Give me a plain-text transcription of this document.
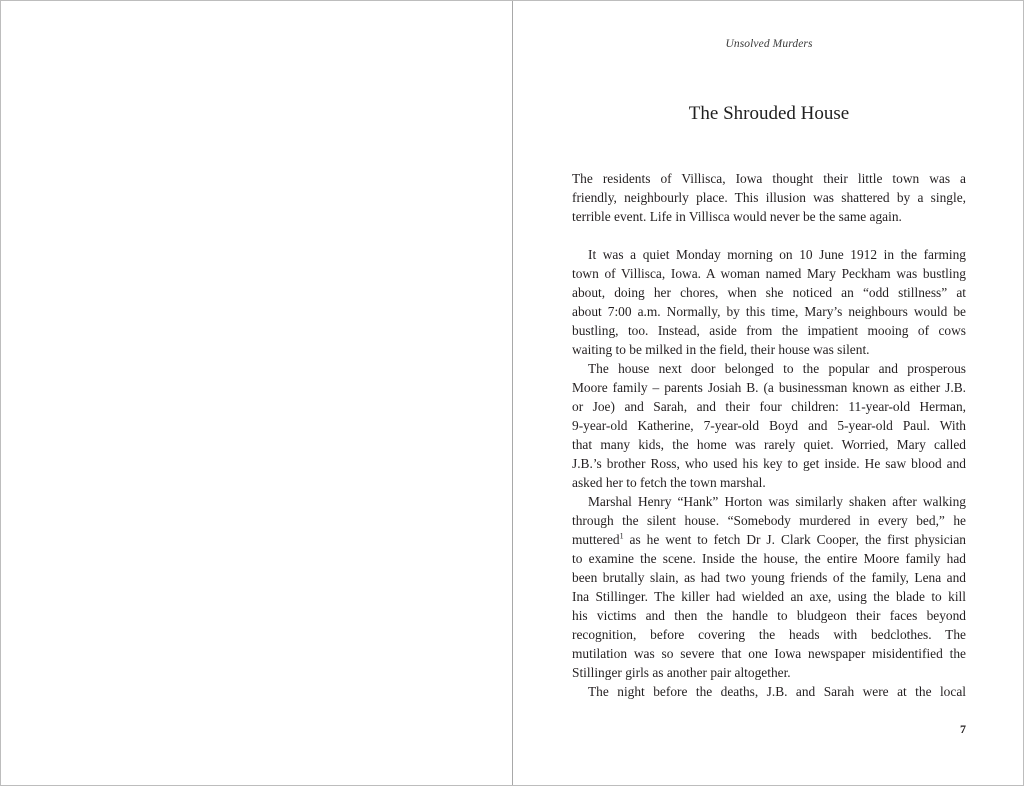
Unsolved Murders
The Shrouded House

The residents of Villisca, Iowa thought their little town was a

friendly, neighbourly place. This illusion was shattered by a single,

terrible event. Life in Villisca would never be the same again.

It was a quiet Monday morning on 10 June 1912 in the farming

town of Villisca, Iowa. A woman named Mary Peckham was bustling

about, doing her chores, when she noticed an “odd stillness” at

about 7:00 a.m. Normally, by this time, Mary’s neighbours would be

bustling, too. Instead, aside from the impatient mooing of cows

waiting to be milked in the field, their house was silent.

The house next door belonged to the popular and prosperous

Moore family – parents Josiah B. (a businessman known as either J.B.

or Joe) and Sarah, and their four children: 11-year-old Herman,

9-year-old Katherine, 7-year-old Boyd and 5-year-old Paul. With

that many kids, the home was rarely quiet. Worried, Mary called

J.B.’s brother Ross, who used his key to get inside. He saw blood and

asked her to fetch the town marshal.

Marshal Henry “Hank” Horton was similarly shaken after walking

through the silent house. “Somebody murdered in every bed,” he

muttered$^1$ as he went to fetch Dr J. Clark Cooper, the first physician

to examine the scene. Inside the house, the entire Moore family had

been brutally slain, as had two young friends of the family, Lena and

Ina Stillinger. The killer had wielded an axe, using the blade to kill

his victims and then the handle to bludgeon their faces beyond

recognition, before covering the heads with bedclothes. The

mutilation was so severe that one Iowa newspaper misidentified the

Stillinger girls as another pair altogether.

The night before the deaths, J.B. and Sarah were at the local

7
